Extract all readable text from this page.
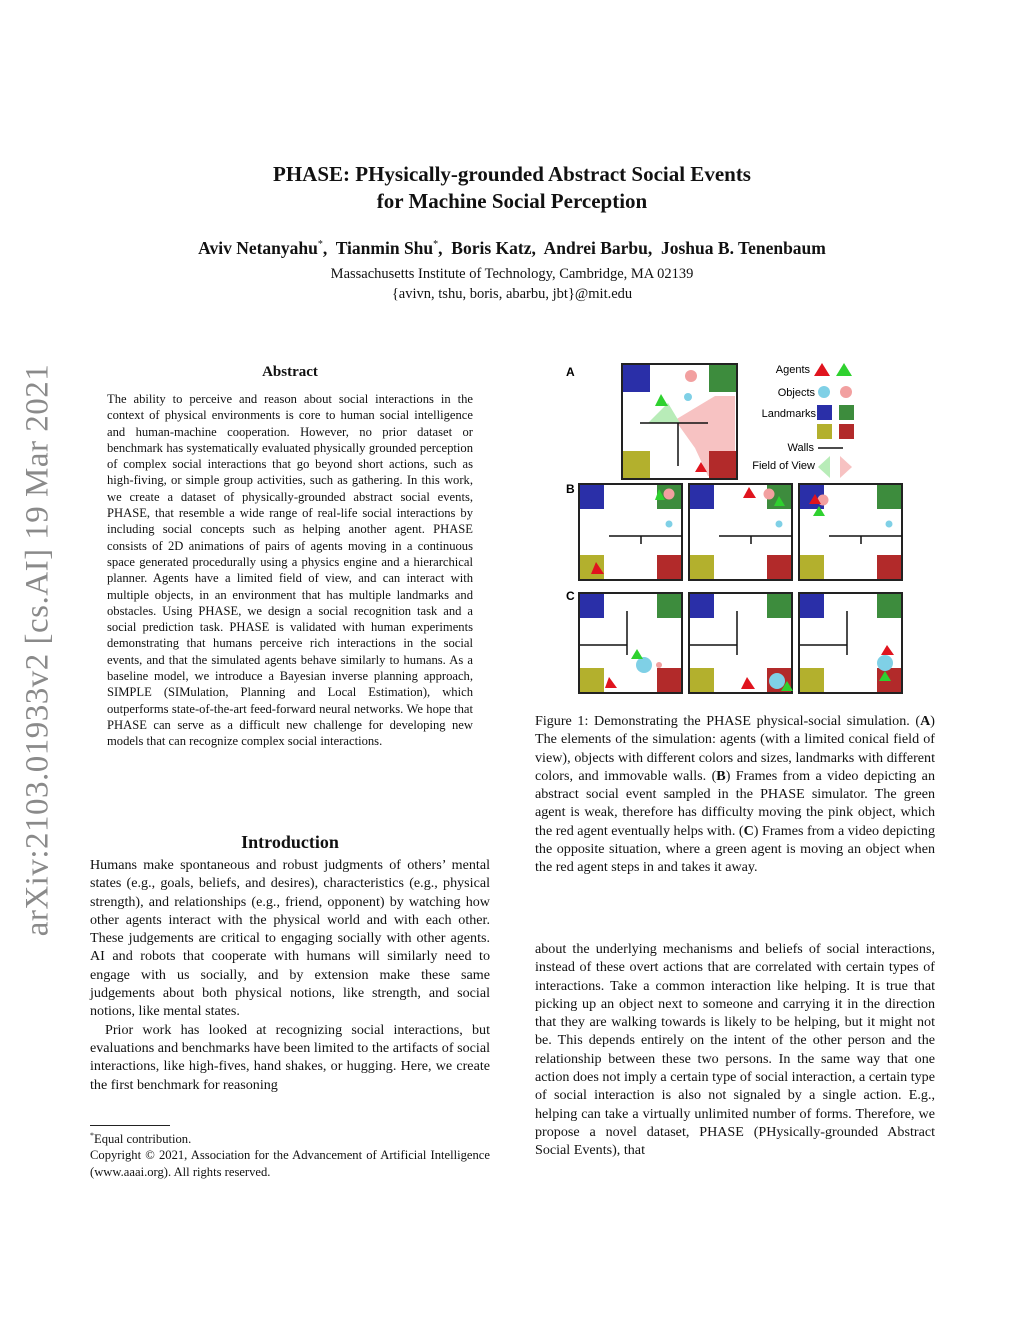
PHASE: PHysically-grounded Abstract Social Events
for Machine Social Perception
Aviv Netanyahu*,  Tianmin Shu*,  Boris Katz,  Andrei Barbu,  Joshua B. Tenenbaum
Massachusetts Institute of Technology, Cambridge, MA 02139
{avivn, tshu, boris, abarbu, jbt}@mit.edu
arXiv:2103.01933v2 [cs.AI] 19 Mar 2021	Abstract
The ability to perceive and reason about social interactions in the context of physical environments is core to human social intelligence and human-machine cooperation. However, no prior dataset or benchmark has systematically evaluated physically grounded perception of complex social interactions that go beyond short actions, such as high-fiving, or simple group activities, such as gathering. In this work, we create a dataset of physically-grounded abstract social events, PHASE, that resemble a wide range of real-life social interactions by including social concepts such as helping another agent. PHASE consists of 2D animations of pairs of agents moving in a continuous space generated procedurally using a physics engine and a hierarchical planner. Agents have a limited field of view, and can interact with multiple objects, in an environment that has multiple landmarks and obstacles. Using PHASE, we design a social recognition task and a social prediction task. PHASE is validated with human experiments demonstrating that humans perceive rich interactions in the social events, and that the simulated agents behave similarly to humans. As a baseline model, we introduce a Bayesian inverse planning approach, SIMPLE (SIMulation, Planning and Local Estimation), which outperforms state-of-the-art feed-forward neural networks. We hope that PHASE can serve as a difficult new challenge for developing new models that can recognize complex social interactions.
Introduction

Humans make spontaneous and robust judgments of others’ mental states (e.g., goals, beliefs, and desires), characteristics (e.g., physical strength), and relationships (e.g., friend, opponent) by watching how other agents interact with the physical world and with each other. These judgements are critical to engaging socially with other agents. AI and robots that cooperate with humans will similarly need to engage with us socially, and by extension make these same judgements about both physical notions, like strength, and social notions, like mental states.

Prior work has looked at recognizing social interactions, but evaluations and benchmarks have been limited to the artifacts of social interactions, like high-fives, hand shakes, or hugging. Here, we create the first benchmark for reasoning

*Equal contribution.
Copyright © 2021, Association for the Advancement of Artificial Intelligence (www.aaai.org). All rights reserved.
A
B
C
Agents
Objects
Landmarks
Walls
Field of View
Figure 1: Demonstrating the PHASE physical-social simulation. (A) The elements of the simulation: agents (with a limited conical field of view), objects with different colors and sizes, landmarks with different colors, and immovable walls. (B) Frames from a video depicting an abstract social event sampled in the PHASE simulator. The green agent is weak, therefore has difficulty moving the pink object, which the red agent eventually helps with. (C) Frames from a video depicting the opposite situation, where a green agent is moving an object when the red agent steps in and takes it away.
about the underlying mechanisms and beliefs of social interactions, instead of these overt actions that are correlated with certain types of interactions. Take a common interaction like helping. It is true that picking up an object next to someone and carrying it in the direction that they are walking towards is likely to be helping, but it might not be. This depends entirely on the intent of the other person and the relationship between these two persons. In the same way that one action does not imply a certain type of social interaction, a certain type of social interaction is also not signaled by a single action. E.g., helping can take a virtually unlimited number of forms. Therefore, we propose a novel dataset, PHASE (PHysically-grounded Abstract Social Events), that
